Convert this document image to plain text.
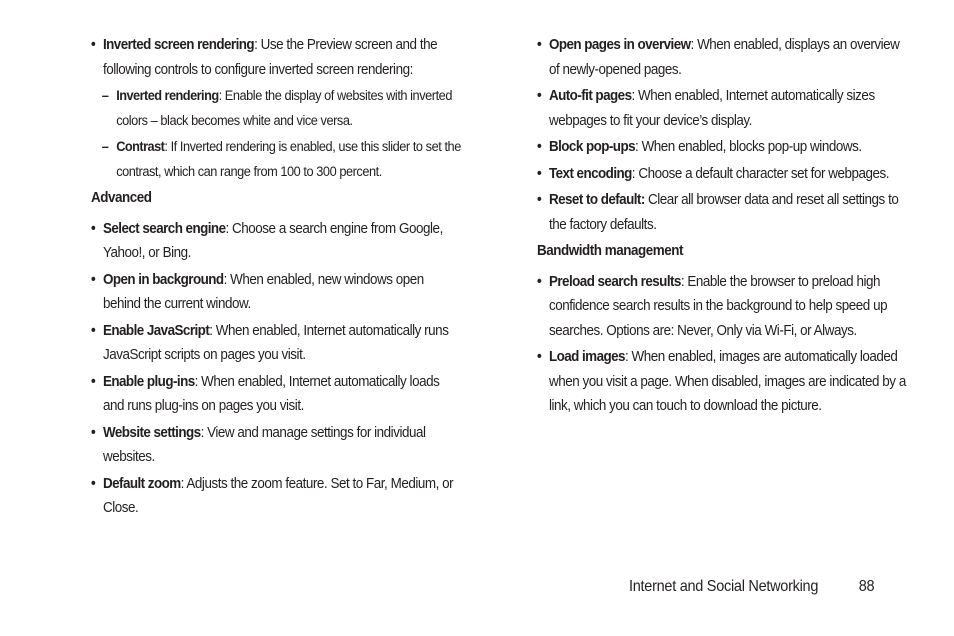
• Inverted screen rendering: Use the Preview screen and the following controls to configure inverted screen rendering:
– Inverted rendering: Enable the display of websites with inverted colors – black becomes white and vice versa.
– Contrast: If Inverted rendering is enabled, use this slider to set the contrast, which can range from 100 to 300 percent.
Advanced
• Select search engine: Choose a search engine from Google, Yahoo!, or Bing.
• Open in background: When enabled, new windows open behind the current window.
• Enable JavaScript: When enabled, Internet automatically runs JavaScript scripts on pages you visit.
• Enable plug-ins: When enabled, Internet automatically loads and runs plug-ins on pages you visit.
• Website settings: View and manage settings for individual websites.
• Default zoom: Adjusts the zoom feature. Set to Far, Medium, or Close.
• Open pages in overview: When enabled, displays an overview of newly-opened pages.
• Auto-fit pages: When enabled, Internet automatically sizes webpages to fit your device’s display.
• Block pop-ups: When enabled, blocks pop-up windows.
• Text encoding: Choose a default character set for webpages.
• Reset to default: Clear all browser data and reset all settings to the factory defaults.
Bandwidth management
• Preload search results: Enable the browser to preload high confidence search results in the background to help speed up searches. Options are: Never, Only via Wi-Fi, or Always.
• Load images: When enabled, images are automatically loaded when you visit a page. When disabled, images are indicated by a link, which you can touch to download the picture.
Internet and Social Networking	88
